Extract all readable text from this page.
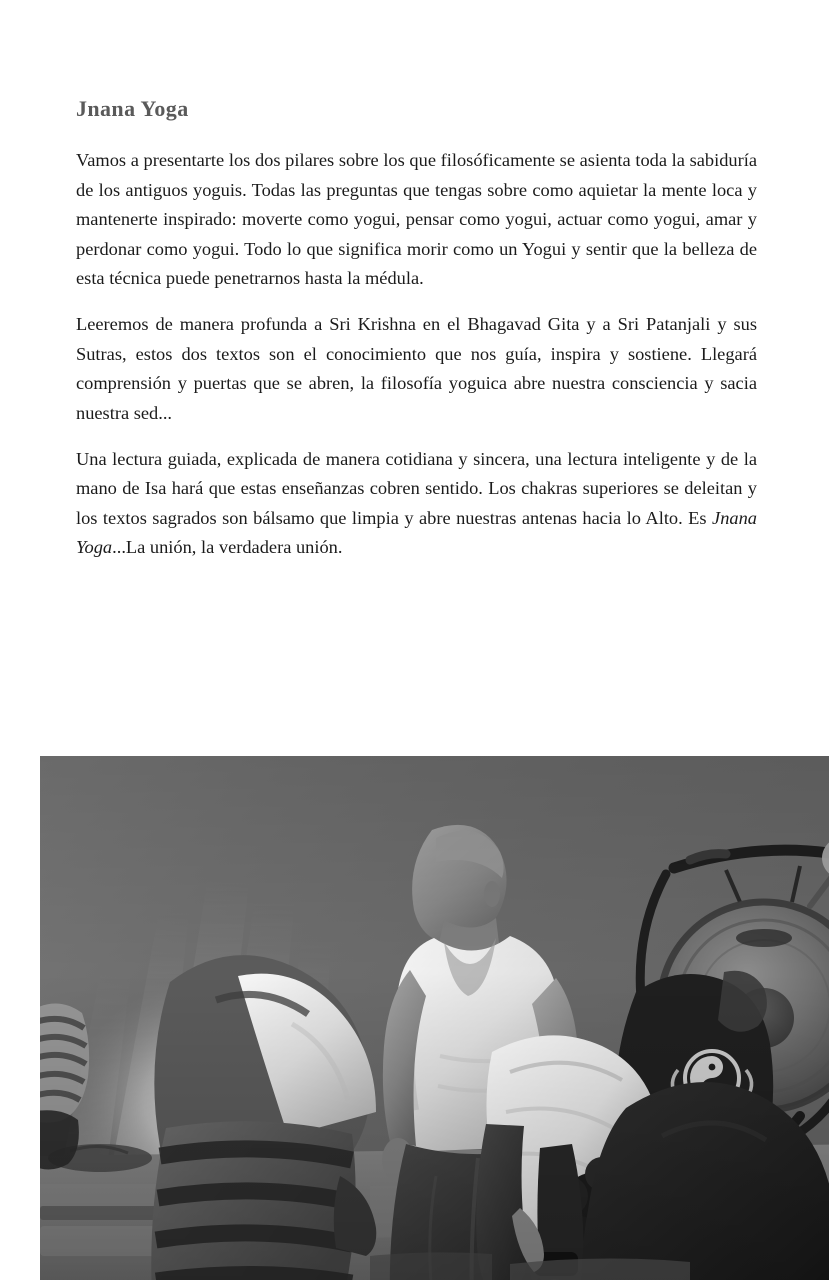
Jnana Yoga

Vamos a presentarte los dos pilares sobre los que filosóficamente se asienta toda la sabiduría de los antiguos yoguis. Todas las preguntas que tengas sobre como aquietar la mente loca y mantenerte inspirado: moverte como yogui, pensar como yogui, actuar como yogui, amar y perdonar como yogui. Todo lo que significa morir como un Yogui y sentir que la belleza de esta técnica puede penetrarnos hasta la médula.

Leeremos de manera profunda a Sri Krishna en el Bhagavad Gita y a Sri Patanjali y sus Sutras, estos dos textos son el conocimiento que nos guía, inspira y sostiene. Llegará comprensión y puertas que se abren, la filosofía yoguica abre nuestra consciencia y sacia nuestra sed...

Una lectura guiada, explicada de manera cotidiana y sincera, una lectura inteligente y de la mano de Isa hará que estas enseñanzas cobren sentido. Los chakras superiores se deleitan y los textos sagrados son bálsamo que limpia y abre nuestras antenas hacia lo Alto. Es Jnana Yoga...La unión, la verdadera unión.
